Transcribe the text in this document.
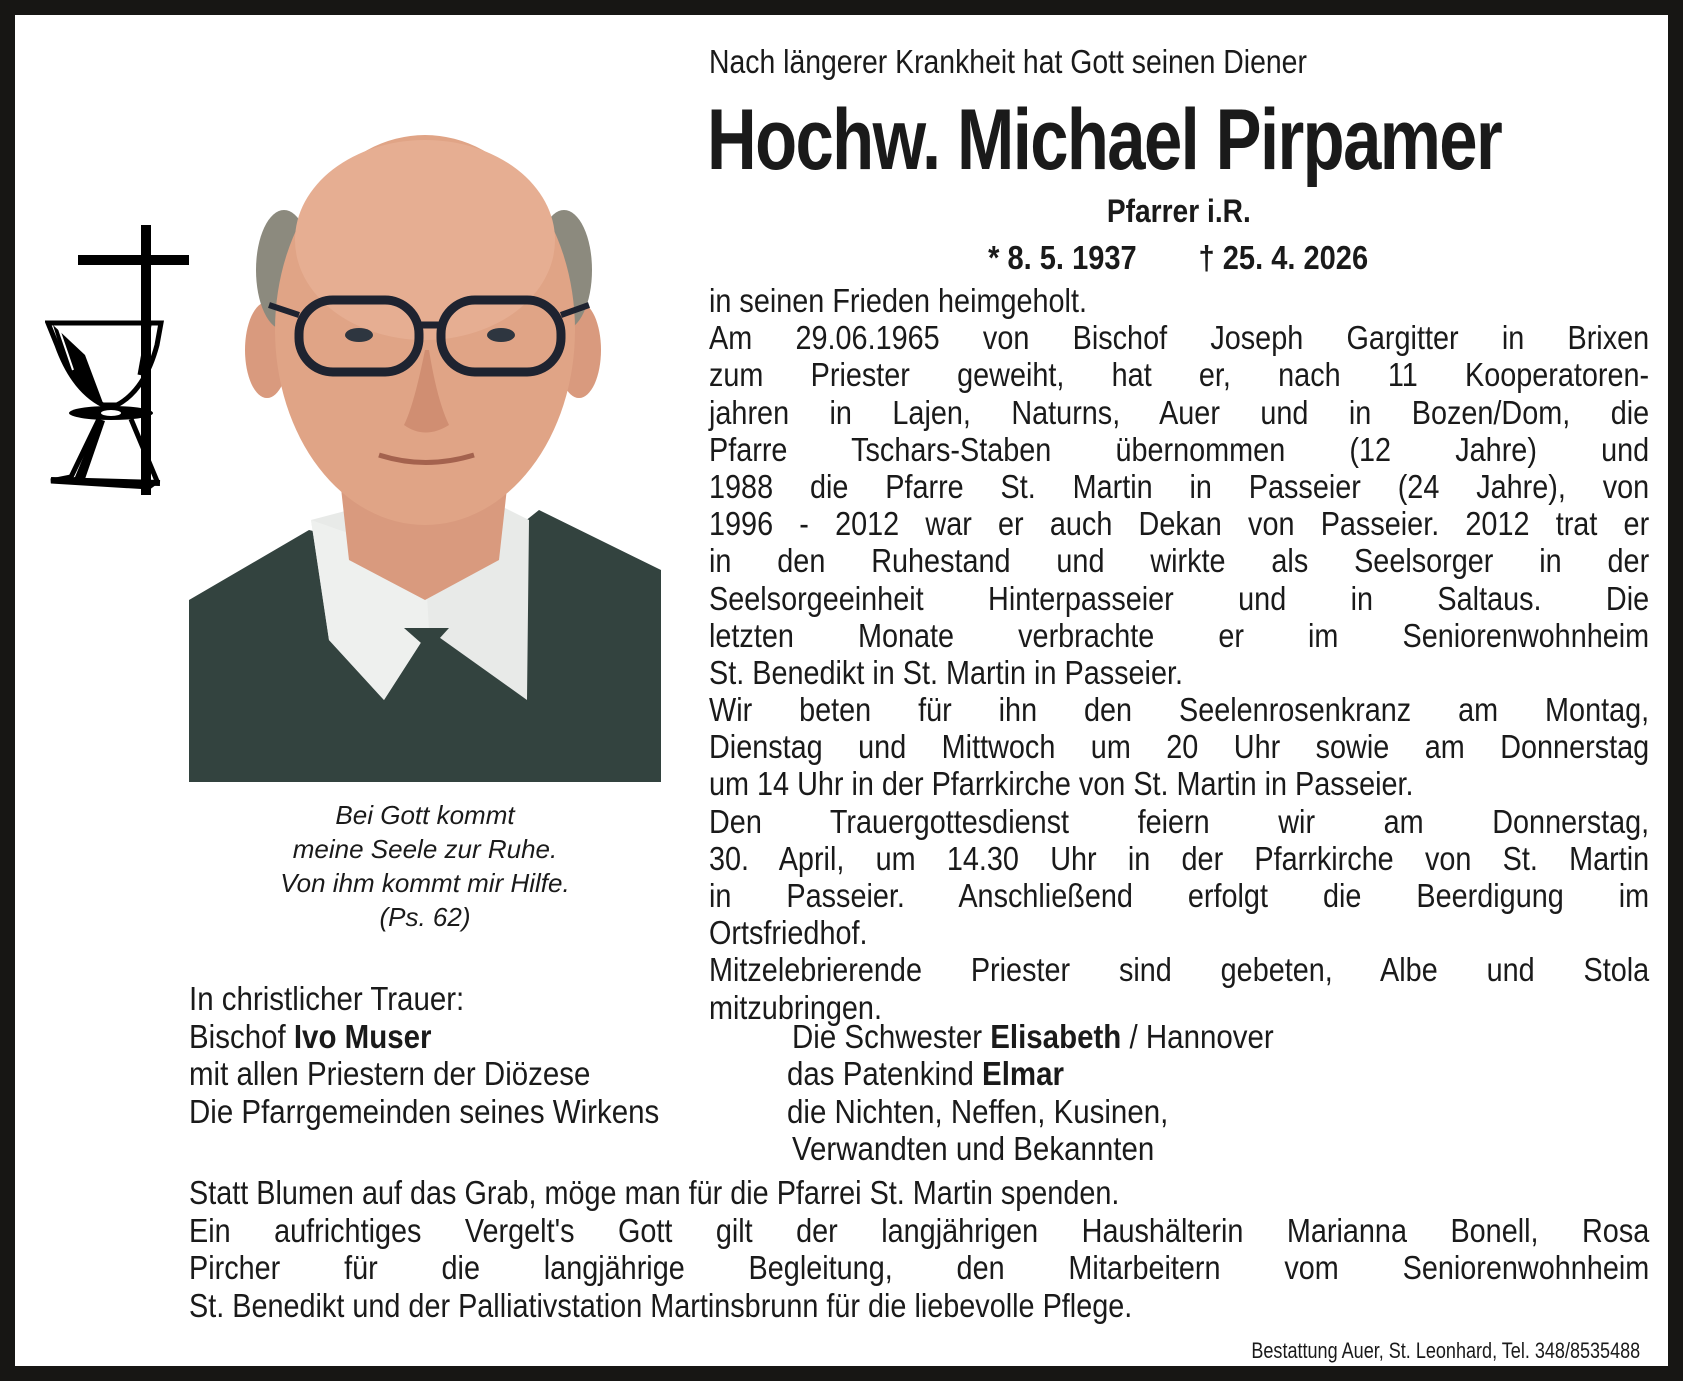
Nach längerer Krankheit hat Gott seinen Diener
Hochw. Michael Pirpamer
Pfarrer i.R.
* 8. 5. 1937 † 25. 4. 2026
in seinen Frieden heimgeholt.
Am 29.06.1965 von Bischof Joseph Gargitter in Brixen
zum Priester geweiht, hat er, nach 11 Kooperatoren-
jahren in Lajen, Naturns, Auer und in Bozen/Dom, die
Pfarre Tschars-Staben übernommen (12 Jahre) und
1988 die Pfarre St. Martin in Passeier (24 Jahre), von
1996 - 2012 war er auch Dekan von Passeier. 2012 trat er
in den Ruhestand und wirkte als Seelsorger in der
Seelsorgeeinheit Hinterpasseier und in Saltaus. Die
letzten Monate verbrachte er im Seniorenwohnheim
St. Benedikt in St. Martin in Passeier.
Wir beten für ihn den Seelenrosenkranz am Montag,
Dienstag und Mittwoch um 20 Uhr sowie am Donnerstag
um 14 Uhr in der Pfarrkirche von St. Martin in Passeier.
Den Trauergottesdienst feiern wir am Donnerstag,
30. April, um 14.30 Uhr in der Pfarrkirche von St. Martin
in Passeier. Anschließend erfolgt die Beerdigung im
Ortsfriedhof.
Mitzelebrierende Priester sind gebeten, Albe und Stola
mitzubringen.
Bei Gott kommt
meine Seele zur Ruhe.
Von ihm kommt mir Hilfe.
(Ps. 62)
In christlicher Trauer:
Bischof Ivo Muser
mit allen Priestern der Diözese
Die Pfarrgemeinden seines Wirkens
Die Schwester Elisabeth / Hannover
das Patenkind Elmar
die Nichten, Neffen, Kusinen,
Verwandten und Bekannten
Statt Blumen auf das Grab, möge man für die Pfarrei St. Martin spenden.
Ein aufrichtiges Vergelt's Gott gilt der langjährigen Haushälterin Marianna Bonell, Rosa
Pircher für die langjährige Begleitung, den Mitarbeitern vom Seniorenwohnheim
St. Benedikt und der Palliativstation Martinsbrunn für die liebevolle Pflege.
Bestattung Auer, St. Leonhard, Tel. 348/8535488
